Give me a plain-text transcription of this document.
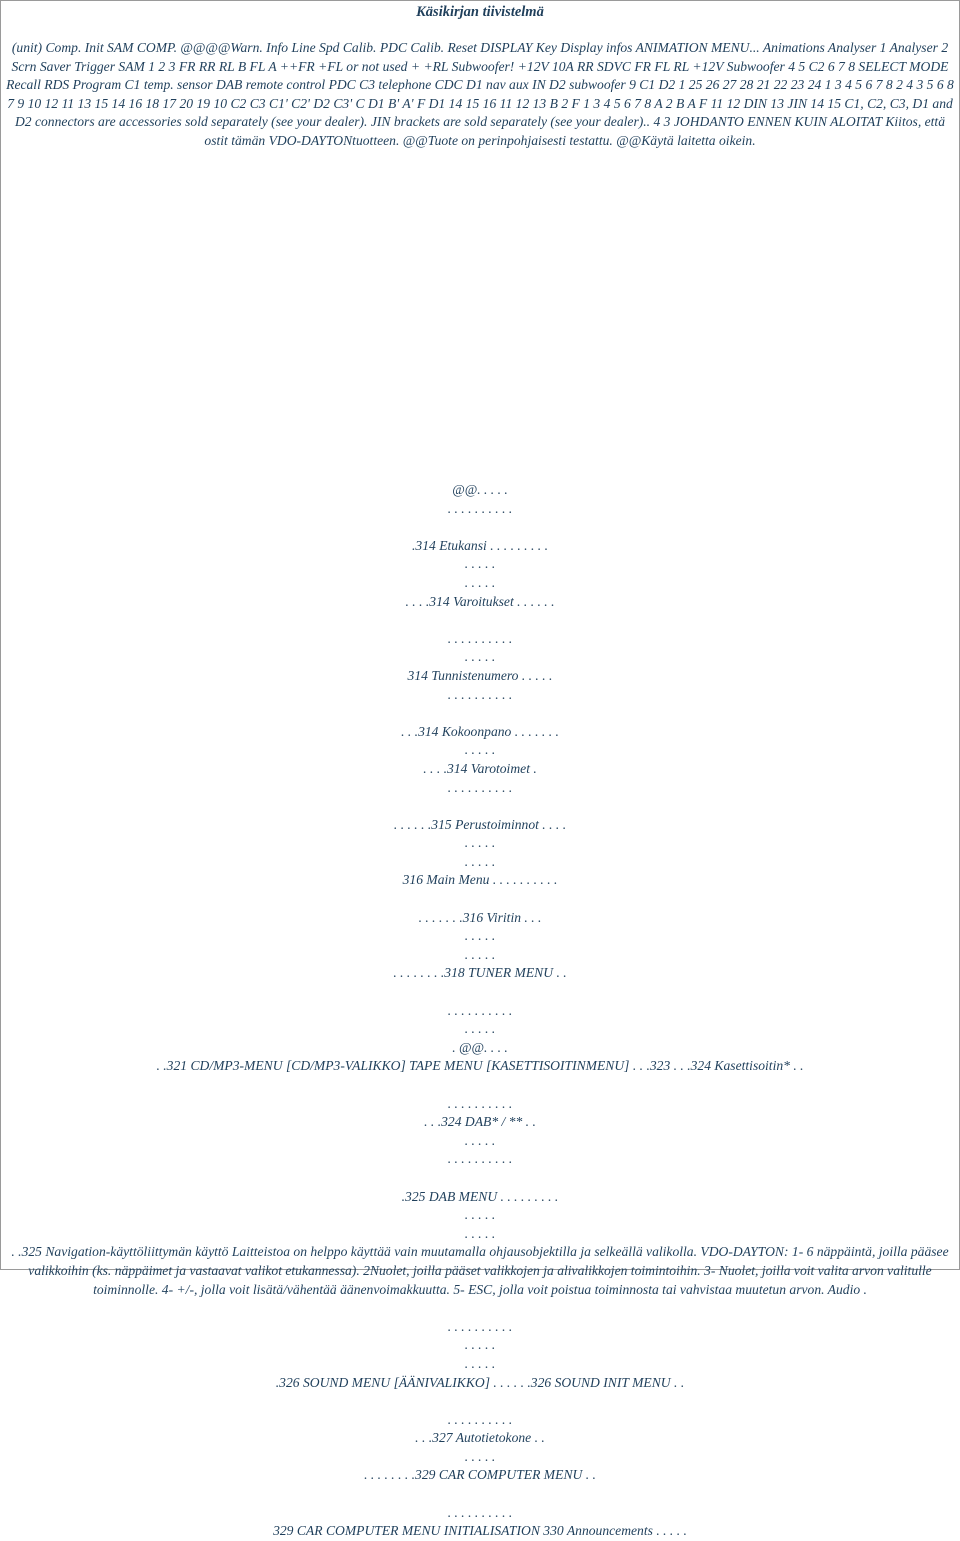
Käsikirjan tiivistelmä

(unit) Comp. Init SAM COMP. @@@@Warn. Info Line Spd Calib. PDC Calib. Reset DISPLAY Key Display infos ANIMATION MENU... Animations Analyser 1 Analyser 2 Scrn Saver Trigger SAM 1 2 3 FR RR RL B FL A ++FR +FL or not used + +RL Subwoofer! +12V 10A RR SDVC FR FL RL +12V Subwoofer 4 5 C2 6 7 8 SELECT MODE Recall RDS Program C1 temp. sensor DAB remote control PDC C3 telephone CDC D1 nav aux IN D2 subwoofer 9 C1 D2 1 25 26 27 28 21 22 23 24 1 3 4 5 6 7 8 2 4 3 5 6 8 7 9 10 12 11 13 15 14 16 18 17 20 19 10 C2 C3 C1' C2' D2 C3' C D1 B' A' F D1 14 15 16 11 12 13 B 2 F 1 3 4 5 6 7 8 A 2 B A F 11 12 DIN 13 JIN 14 15 C1, C2, C3, D1 and D2 connectors are accessories sold separately (see your dealer). JIN brackets are sold separately (see your dealer).. 4 3 JOHDANTO ENNEN KUIN ALOITAT Kiitos, että ostit tämän VDO-DAYTONtuotteen. @@Tuote on perinpohjaisesti testattu. @@Käytä laitetta oikein.

@@. . . . .
. . . . . . . . . .
.314 Etukansi . . . . . . . . .
. . . . .
. . . . .
. . . .314 Varoitukset . . . . . .
. . . . . . . . . .
. . . . .
314 Tunnistenumero . . . . .
. . . . . . . . . .
. . .314 Kokoonpano . . . . . . .
. . . . .
. . . .314 Varotoimet .
. . . . . . . . . .
. . . . . .315 Perustoiminnot . . . .
. . . . .
. . . . .
316 Main Menu . . . . . . . . . .
. . . . . . .316 Viritin . . .
. . . . .
. . . . .
. . . . . . . .318 TUNER MENU . .
. . . . . . . . . .
. . . . .
. @@. . . .
. .321 CD/MP3-MENU [CD/MP3-VALIKKO] TAPE MENU [KASETTISOITINMENU] . . .323 . . .324 Kasettisoitin* . .
. . . . . . . . . .
. . .324 DAB* / ** . .
. . . . .
. . . . . . . . . .
.325 DAB MENU . . . . . . . . .
. . . . .
. . . . .
. .325 Navigation-käyttöliittymän käyttö Laitteistoa on helppo käyttää vain muutamalla ohjausobjektilla ja selkeällä valikolla. VDO-DAYTON: 1- 6 näppäintä, joilla pääsee valikkoihin (ks. näppäimet ja vastaavat valikot etukannessa). 2Nuolet, joilla pääset valikkojen ja alivalikkojen toimintoihin. 3- Nuolet, joilla voit valita arvon valitulle toiminnolle. 4- +/-, jolla voit lisätä/vähentää äänenvoimakkuutta. 5- ESC, jolla voit poistua toiminnosta tai vahvistaa muutetun arvon. Audio .
. . . . . . . . . .
. . . . .
. . . . .
.326 SOUND MENU [ÄÄNIVALIKKO] . . . . . .326 SOUND INIT MENU . .
. . . . . . . . . .
. . .327 Autotietokone . .
. . . . .
. . . . . . . .329 CAR COMPUTER MENU . .
. . . . . . . . . .
329 CAR COMPUTER MENU INITIALISATION 330 Announcements . . . . .
